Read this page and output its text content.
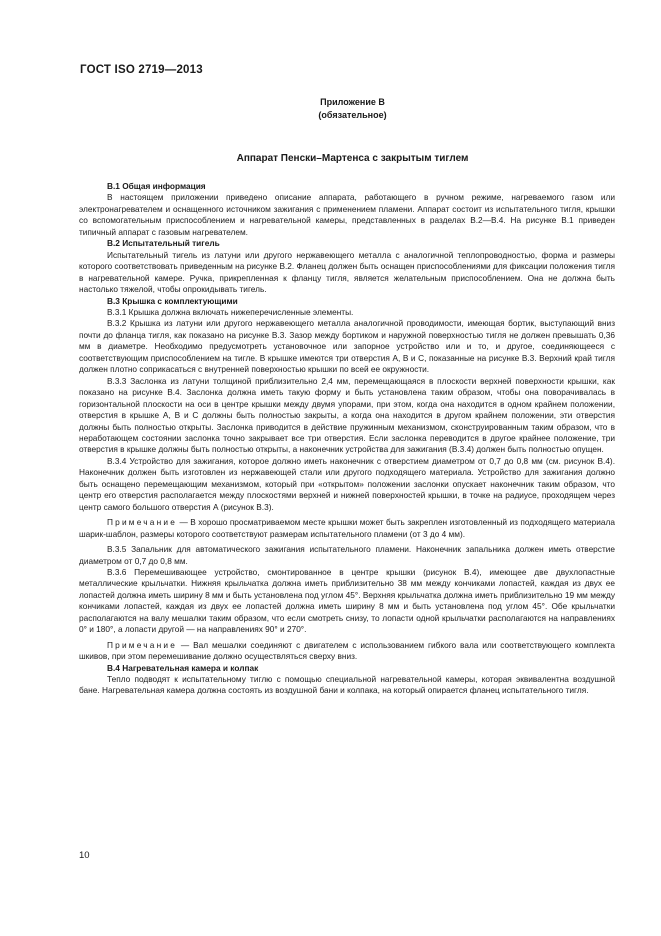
ГОСТ ISO 2719—2013
Приложение В
(обязательное)
Аппарат Пенски–Мартенса с закрытым тиглем
В.1 Общая информация

В настоящем приложении приведено описание аппарата, работающего в ручном режиме, нагреваемого газом или электронагревателем и оснащенного источником зажигания с применением пламени. Аппарат состоит из испытательного тигля, крышки со вспомогательным приспособлением и нагревательной камеры, представленных в разделах В.2—В.4. На рисунке В.1 приведен типичный аппарат с газовым нагревателем.

В.2 Испытательный тигель

Испытательный тигель из латуни или другого нержавеющего металла с аналогичной теплопроводностью, форма и размеры которого соответствовать приведенным на рисунке В.2. Фланец должен быть оснащен приспособлениями для фиксации положения тигля в нагревательной камере. Ручка, прикрепленная к фланцу тигля, является желательным приспособлением. Она не должна быть настолько тяжелой, чтобы опрокидывать тигель.

В.3 Крышка с комплектующими

В.3.1 Крышка должна включать нижеперечисленные элементы.

В.3.2 Крышка из латуни или другого нержавеющего металла аналогичной проводимости, имеющая бортик, выступающий вниз почти до фланца тигля, как показано на рисунке В.3. Зазор между бортиком и наружной поверхностью тигля не должен превышать 0,36 мм в диаметре. Необходимо предусмотреть установочное или запорное устройство или и то, и другое, соединяющееся с соответствующим приспособлением на тигле. В крышке имеются три отверстия А, В и С, показанные на рисунке В.3. Верхний край тигля должен плотно соприкасаться с внутренней поверхностью крышки по всей ее окружности.

В.3.3 Заслонка из латуни толщиной приблизительно 2,4 мм, перемещающаяся в плоскости верхней поверхности крышки, как показано на рисунке В.4. Заслонка должна иметь такую форму и быть установлена таким образом, чтобы она поворачивалась в горизонтальной плоскости на оси в центре крышки между двумя упорами, при этом, когда она находится в одном крайнем положении, отверстия в крышке А, В и С должны быть полностью закрыты, а когда она находится в другом крайнем положении, эти отверстия должны быть полностью открыты. Заслонка приводится в действие пружинным механизмом, сконструированным таким образом, что в неработающем состоянии заслонка точно закрывает все три отверстия. Если заслонка переводится в другое крайнее положение, три отверстия в крышке должны быть полностью открыты, а наконечник устройства для зажигания (В.3.4) должен быть полностью опущен.

В.3.4 Устройство для зажигания, которое должно иметь наконечник с отверстием диаметром от 0,7 до 0,8 мм (см. рисунок В.4). Наконечник должен быть изготовлен из нержавеющей стали или другого подходящего материала. Устройство для зажигания должно быть оснащено перемещающим механизмом, который при «открытом» положении заслонки опускает наконечник таким образом, что центр его отверстия располагается между плоскостями верхней и нижней поверхностей крышки, в точке на радиусе, проходящем через центр самого большого отверстия А (рисунок В.3).

Примечание — В хорошо просматриваемом месте крышки может быть закреплен изготовленный из подходящего материала шарик-шаблон, размеры которого соответствуют размерам испытательного пламени (от 3 до 4 мм).

В.3.5 Запальник для автоматического зажигания испытательного пламени. Наконечник запальника должен иметь отверстие диаметром от 0,7 до 0,8 мм.

В.3.6 Перемешивающее устройство, смонтированное в центре крышки (рисунок В.4), имеющее две двухлопастные металлические крыльчатки. Нижняя крыльчатка должна иметь приблизительно 38 мм между кончиками лопастей, каждая из двух ее лопастей должна иметь ширину 8 мм и быть установлена под углом 45°. Верхняя крыльчатка должна иметь приблизительно 19 мм между кончиками лопастей, каждая из двух ее лопастей должна иметь ширину 8 мм и быть установлена под углом 45°. Обе крыльчатки располагаются на валу мешалки таким образом, что если смотреть снизу, то лопасти одной крыльчатки располагаются на направлениях 0° и 180°, а лопасти другой — на направлениях 90° и 270°.

Примечание — Вал мешалки соединяют с двигателем с использованием гибкого вала или соответствующего комплекта шкивов, при этом перемешивание должно осуществляться сверху вниз.

В.4 Нагревательная камера и колпак

Тепло подводят к испытательному тиглю с помощью специальной нагревательной камеры, которая эквивалентна воздушной бане. Нагревательная камера должна состоять из воздушной бани и колпака, на который опирается фланец испытательного тигля.

10
